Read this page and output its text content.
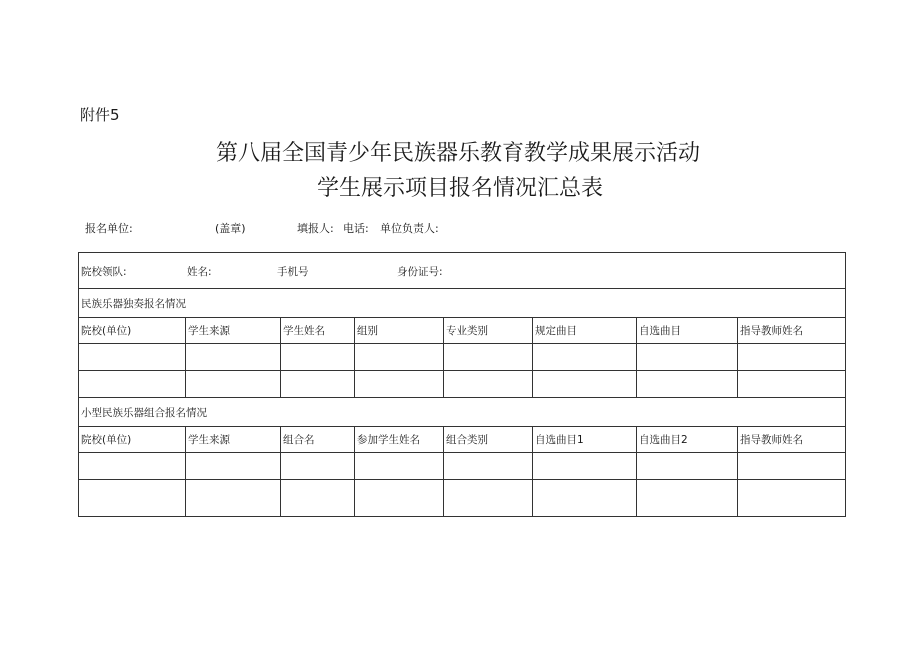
附件5
第八届全国青少年民族器乐教育教学成果展示活动
学生展示项目报名情况汇总表
报名单位:	(盖章)	填报人: 电话: 单位负责人:
院校领队: 姓名: 手机号 身份证号:							

民族乐器独奏报名情况							
院校(单位)	学生来源	学生姓名	组别	专业类别	规定曲目	自选曲目	指导教师姓名

小型民族乐器组合报名情况							
院校(单位)	学生来源	组合名	参加学生姓名	组合类别	自选曲目1	自选曲目2	指导教师姓名
